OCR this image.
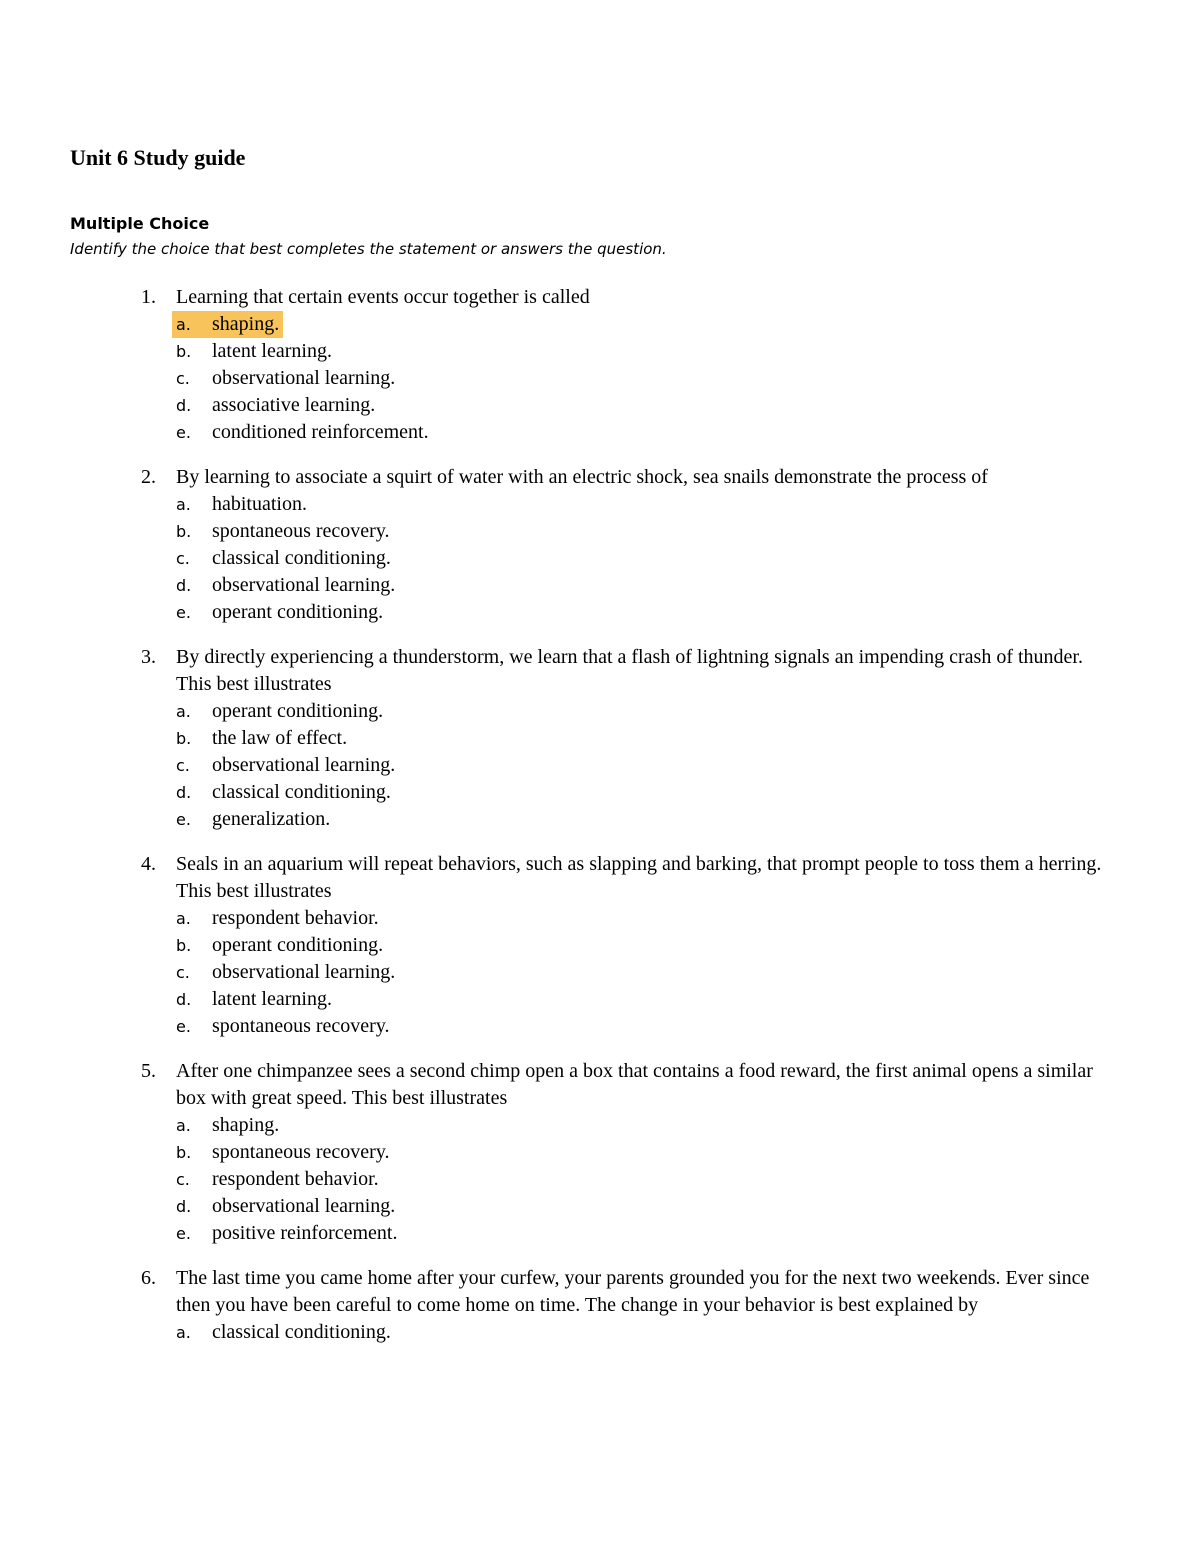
Unit 6 Study guide
Multiple Choice
Identify the choice that best completes the statement or answers the question.
1.	Learning that certain events occur together is called
a. shaping.
b. latent learning.
c. observational learning.
d. associative learning.
e. conditioned reinforcement.
2.	By learning to associate a squirt of water with an electric shock, sea snails demonstrate the process of
a. habituation.
b. spontaneous recovery.
c. classical conditioning.
d. observational learning.
e. operant conditioning.
3.	By directly experiencing a thunderstorm, we learn that a flash of lightning signals an impending crash of thunder. This best illustrates
a. operant conditioning.
b. the law of effect.
c. observational learning.
d. classical conditioning.
e. generalization.
4.	Seals in an aquarium will repeat behaviors, such as slapping and barking, that prompt people to toss them a herring. This best illustrates
a. respondent behavior.
b. operant conditioning.
c. observational learning.
d. latent learning.
e. spontaneous recovery.
5.	After one chimpanzee sees a second chimp open a box that contains a food reward, the first animal opens a similar box with great speed. This best illustrates
a. shaping.
b. spontaneous recovery.
c. respondent behavior.
d. observational learning.
e. positive reinforcement.
6.	The last time you came home after your curfew, your parents grounded you for the next two weekends. Ever since then you have been careful to come home on time. The change in your behavior is best explained by
a. classical conditioning.
